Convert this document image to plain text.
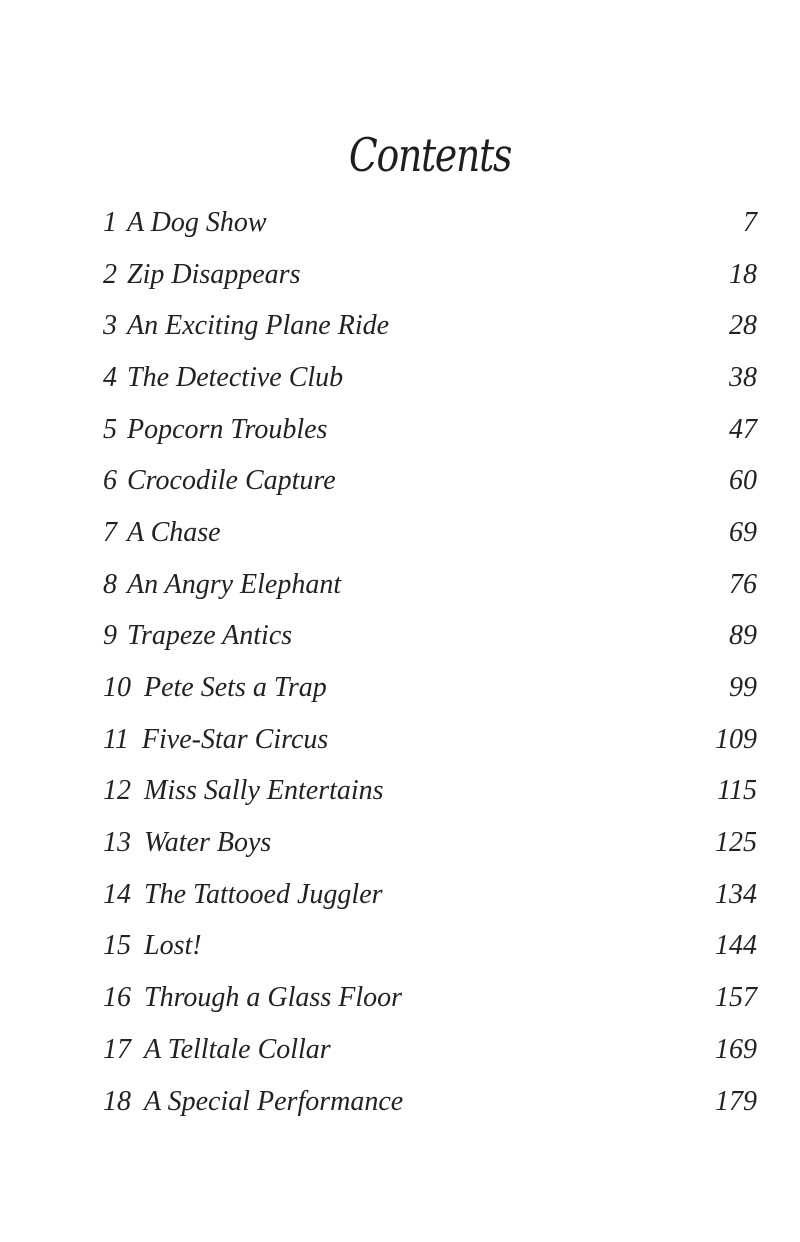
Contents
1 A Dog Show	7
2 Zip Disappears	18
3 An Exciting Plane Ride	28
4 The Detective Club	38
5 Popcorn Troubles	47
6 Crocodile Capture	60
7 A Chase	69
8 An Angry Elephant	76
9 Trapeze Antics	89
10 Pete Sets a Trap	99
11 Five-Star Circus	109
12 Miss Sally Entertains	115
13 Water Boys	125
14 The Tattooed Juggler	134
15 Lost!	144
16 Through a Glass Floor	157
17 A Telltale Collar	169
18 A Special Performance	179
